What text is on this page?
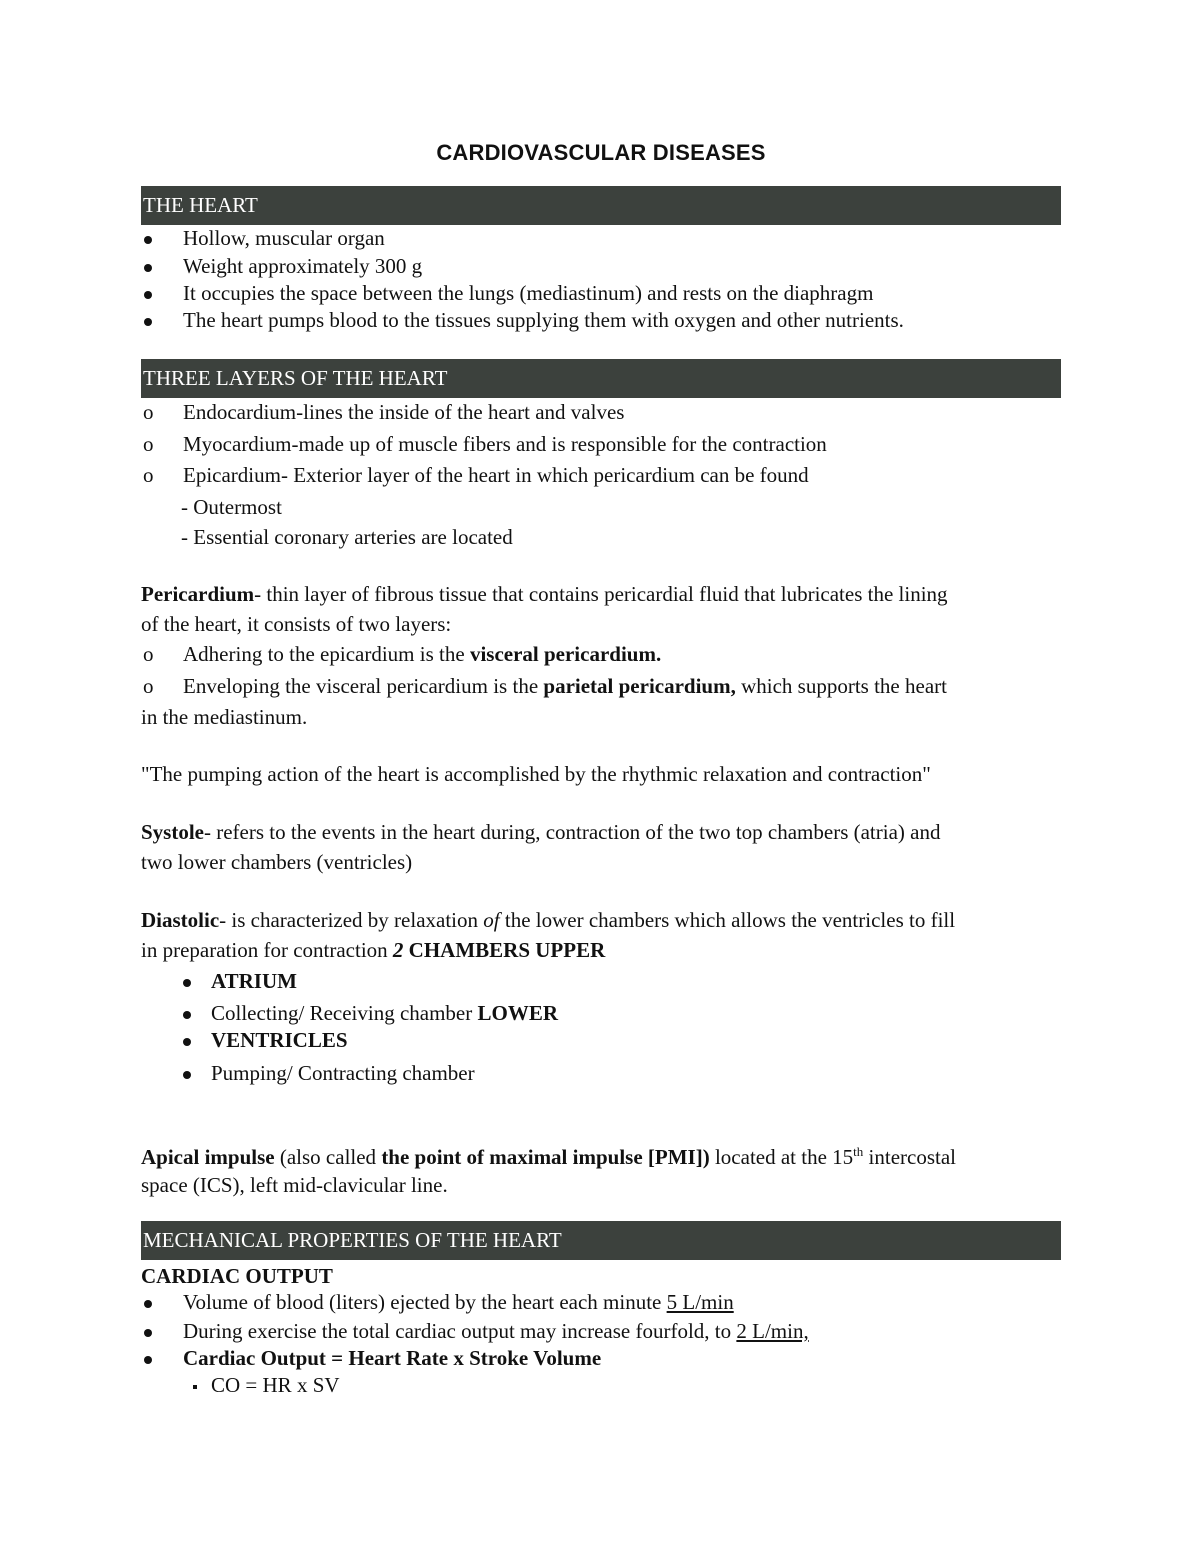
CARDIOVASCULAR DISEASES
THE HEART
Hollow, muscular organ
Weight approximately 300 g
It occupies the space between the lungs (mediastinum) and rests on the diaphragm
The heart pumps blood to the tissues supplying them with oxygen and other nutrients.
THREE LAYERS OF THE HEART
o Endocardium-lines the inside of the heart and valves
o Myocardium-made up of muscle fibers and is responsible for the contraction
o Epicardium- Exterior layer of the heart in which pericardium can be found
- Outermost
- Essential coronary arteries are located
Pericardium- thin layer of fibrous tissue that contains pericardial fluid that lubricates the lining
of the heart, it consists of two layers:
o Adhering to the epicardium is the visceral pericardium.
o Enveloping the visceral pericardium is the parietal pericardium, which supports the heart
in the mediastinum.
"The pumping action of the heart is accomplished by the rhythmic relaxation and contraction"
Systole- refers to the events in the heart during, contraction of the two top chambers (atria) and
two lower chambers (ventricles)
Diastolic- is characterized by relaxation of the lower chambers which allows the ventricles to fill
in preparation for contraction 2 CHAMBERS UPPER
ATRIUM
Collecting/ Receiving chamber LOWER
VENTRICLES
Pumping/ Contracting chamber
Apical impulse (also called the point of maximal impulse [PMI]) located at the 15th intercostal
space (ICS), left mid-clavicular line.
MECHANICAL PROPERTIES OF THE HEART
CARDIAC OUTPUT
Volume of blood (liters) ejected by the heart each minute 5 L/min
During exercise the total cardiac output may increase fourfold, to 2 L/min,
Cardiac Output = Heart Rate x Stroke Volume
CO = HR x SV
